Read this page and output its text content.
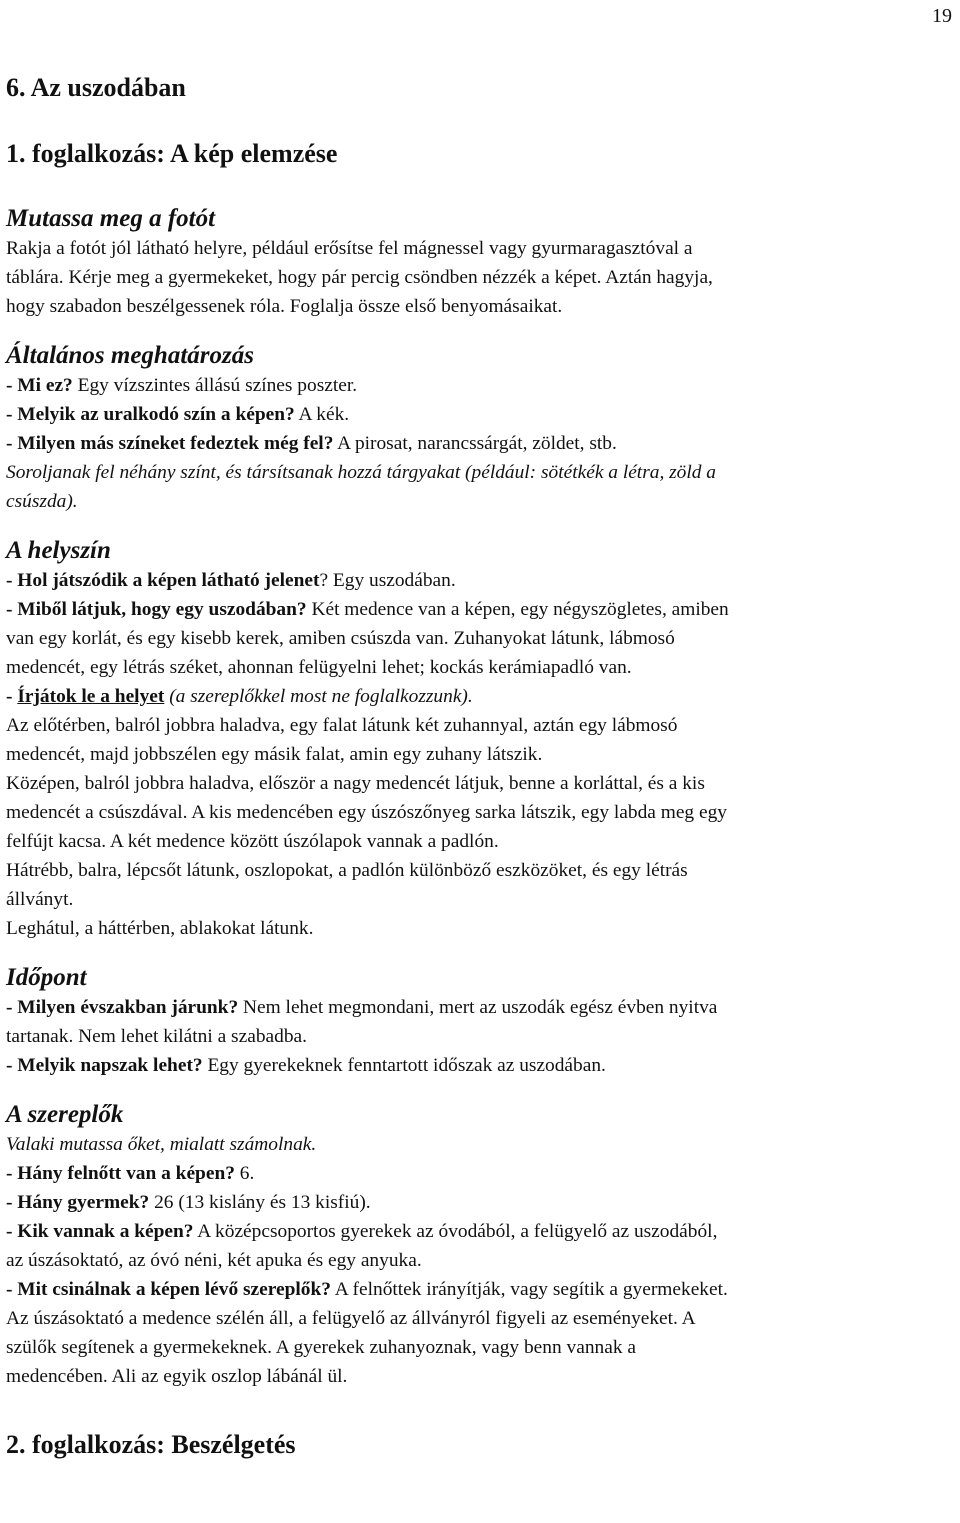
19
6. Az uszodában
1. foglalkozás: A kép elemzése
Mutassa meg a fotót

Rakja a fotót jól látható helyre, például erősítse fel mágnessel vagy gyurmaragasztóval a

táblára. Kérje meg a gyermekeket, hogy pár percig csöndben nézzék a képet. Aztán hagyja,

hogy szabadon beszélgessenek róla. Foglalja össze első benyomásaikat.

Általános meghatározás

- Mi ez? Egy vízszintes állású színes poszter.

- Melyik az uralkodó szín a képen? A kék.

- Milyen más színeket fedeztek még fel? A pirosat, narancssárgát, zöldet, stb.

Soroljanak fel néhány színt, és társítsanak hozzá tárgyakat (például: sötétkék a létra, zöld a

csúszda).

A helyszín

- Hol játszódik a képen látható jelenet? Egy uszodában.

- Miből látjuk, hogy egy uszodában? Két medence van a képen, egy négyszögletes, amiben

van egy korlát, és egy kisebb kerek, amiben csúszda van. Zuhanyokat látunk, lábmosó

medencét, egy létrás széket, ahonnan felügyelni lehet; kockás kerámiapadló van.

- Írjátok le a helyet (a szereplőkkel most ne foglalkozzunk).

Az előtérben, balról jobbra haladva, egy falat látunk két zuhannyal, aztán egy lábmosó

medencét, majd jobbszélen egy másik falat, amin egy zuhany látszik.

Középen, balról jobbra haladva, először a nagy medencét látjuk, benne a korláttal, és a kis

medencét a csúszdával. A kis medencében egy úszószőnyeg sarka látszik, egy labda meg egy

felfújt kacsa. A két medence között úszólapok vannak a padlón.

Hátrébb, balra, lépcsőt látunk, oszlopokat, a padlón különböző eszközöket, és egy létrás

állványt.

Leghátul, a háttérben, ablakokat látunk.

Időpont

- Milyen évszakban járunk? Nem lehet megmondani, mert az uszodák egész évben nyitva

tartanak. Nem lehet kilátni a szabadba.

- Melyik napszak lehet? Egy gyerekeknek fenntartott időszak az uszodában.

A szereplők

Valaki mutassa őket, mialatt számolnak.

- Hány felnőtt van a képen? 6.

- Hány gyermek? 26 (13 kislány és 13 kisfiú).

- Kik vannak a képen? A középcsoportos gyerekek az óvodából, a felügyelő az uszodából,

az úszásoktató, az óvó néni, két apuka és egy anyuka.

- Mit csinálnak a képen lévő szereplők? A felnőttek irányítják, vagy segítik a gyermekeket.

Az úszásoktató a medence szélén áll, a felügyelő az állványról figyeli az eseményeket. A

szülők segítenek a gyermekeknek. A gyerekek zuhanyoznak, vagy benn vannak a

medencében. Ali az egyik oszlop lábánál ül.

2. foglalkozás: Beszélgetés
